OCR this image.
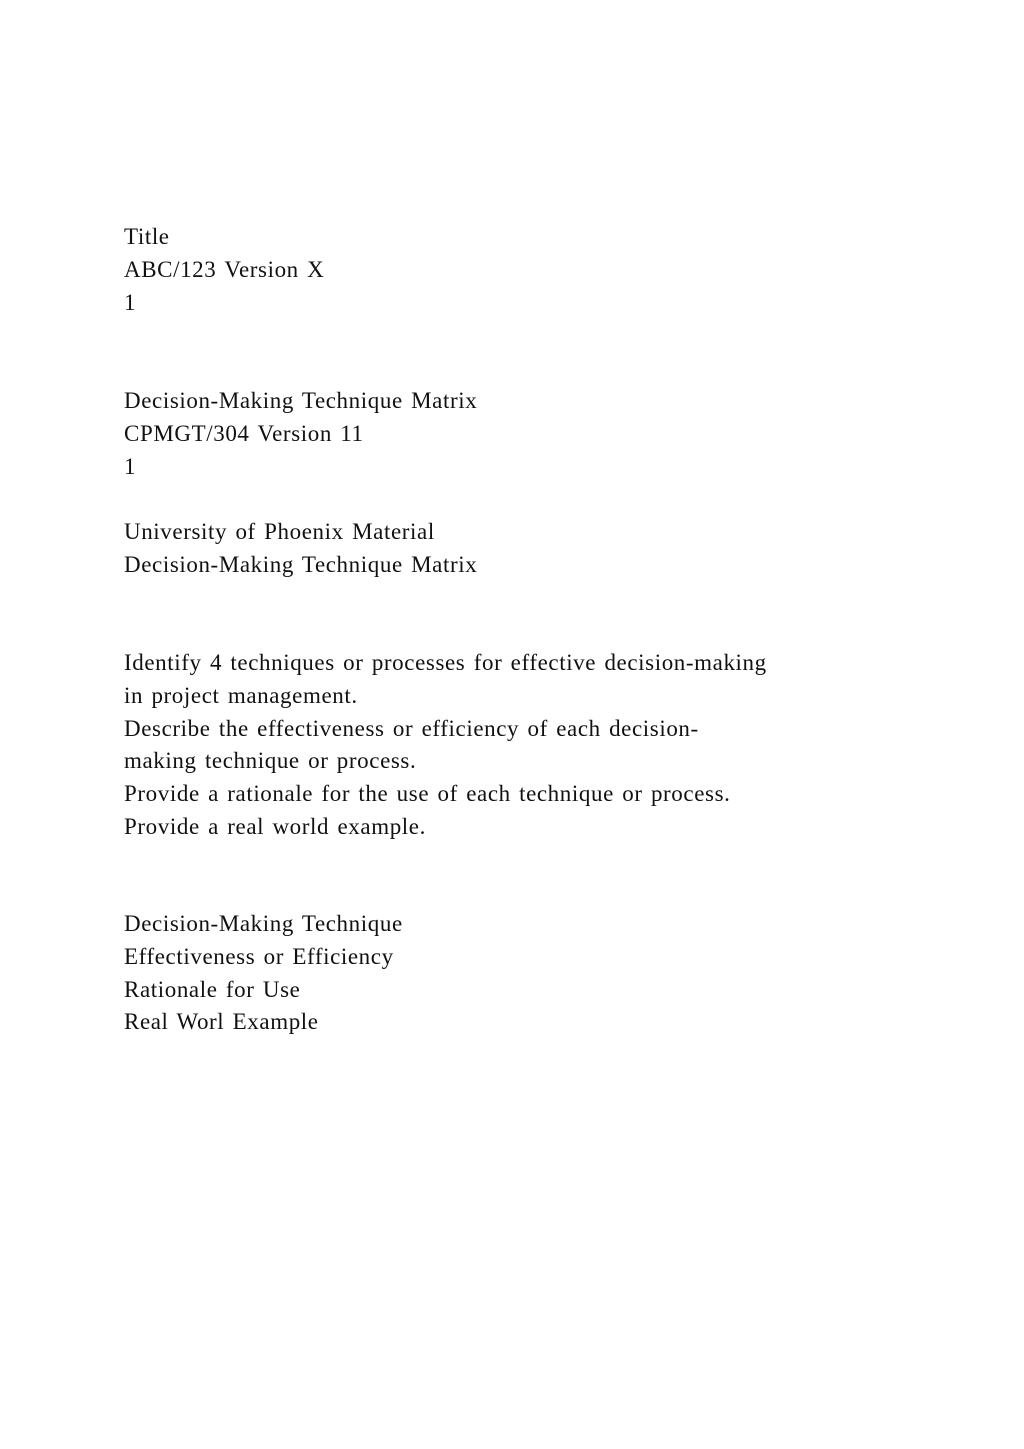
Title
ABC/123 Version X
1
Decision-Making Technique Matrix
CPMGT/304 Version 11
1
University of Phoenix Material
Decision-Making Technique Matrix
Identify 4 techniques or processes for effective decision-making
in project management.
Describe the effectiveness or efficiency of each decision-
making technique or process.
Provide a rationale for the use of each technique or process.
Provide a real world example.
Decision-Making Technique
Effectiveness or Efficiency
Rationale for Use
Real Worl Example
